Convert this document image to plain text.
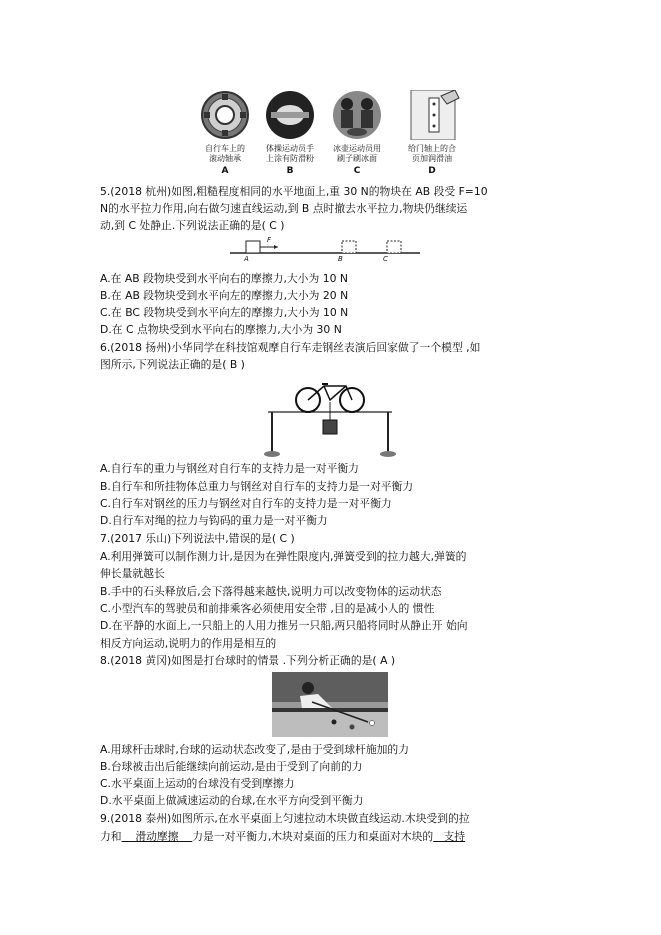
自行车上的
滚动轴承
A
体操运动员手
上涂有防滑粉
B
冰壶运动员用
刷子刷冰面
C
给门轴上的合
页加润滑油
D
5.(2018 杭州)如图,粗糙程度相同的水平地面上,重 30 N的物块在 AB 段受 F=10
N的水平拉力作用,向右做匀速直线运动,到 B 点时撤去水平拉力,物块仍继续运
动,到 C 处静止.下列说法正确的是( C )
F
A	B	C
A.在 AB 段物块受到水平向右的摩擦力,大小为 10 N
B.在 AB 段物块受到水平向左的摩擦力,大小为 20 N
C.在 BC 段物块受到水平向左的摩擦力,大小为 10 N
D.在 C 点物块受到水平向右的摩擦力,大小为 30 N
6.(2018 扬州)小华同学在科技馆观摩自行车走钢丝表演后回家做了一个模型 ,如
图所示,下列说法正确的是( B )
A.自行车的重力与钢丝对自行车的支持力是一对平衡力
B.自行车和所挂物体总重力与钢丝对自行车的支持力是一对平衡力
C.自行车对钢丝的压力与钢丝对自行车的支持力是一对平衡力
D.自行车对绳的拉力与钩码的重力是一对平衡力
7.(2017 乐山)下列说法中,错误的是( C )
A.利用弹簧可以制作测力计,是因为在弹性限度内,弹簧受到的拉力越大,弹簧的
伸长量就越长
B.手中的石头释放后,会下落得越来越快,说明力可以改变物体的运动状态
C.小型汽车的驾驶员和前排乘客必须使用安全带 ,目的是减小人的 惯性
D.在平静的水面上,一只船上的人用力推另一只船,两只船将同时从静止开 始向
相反方向运动,说明力的作用是相互的
8.(2018 黄冈)如图是打台球时的情景 .下列分析正确的是( A )
A.用球杆击球时,台球的运动状态改变了,是由于受到球杆施加的力
B.台球被击出后能继续向前运动,是由于受到了向前的力
C.水平桌面上运动的台球没有受到摩擦力
D.水平桌面上做减速运动的台球,在水平方向受到平衡力
9.(2018 泰州)如图所示,在水平桌面上匀速拉动木块做直线运动.木块受到的拉
力和    滑动摩擦    力是一对平衡力,木块对桌面的压力和桌面对木块的   支持
